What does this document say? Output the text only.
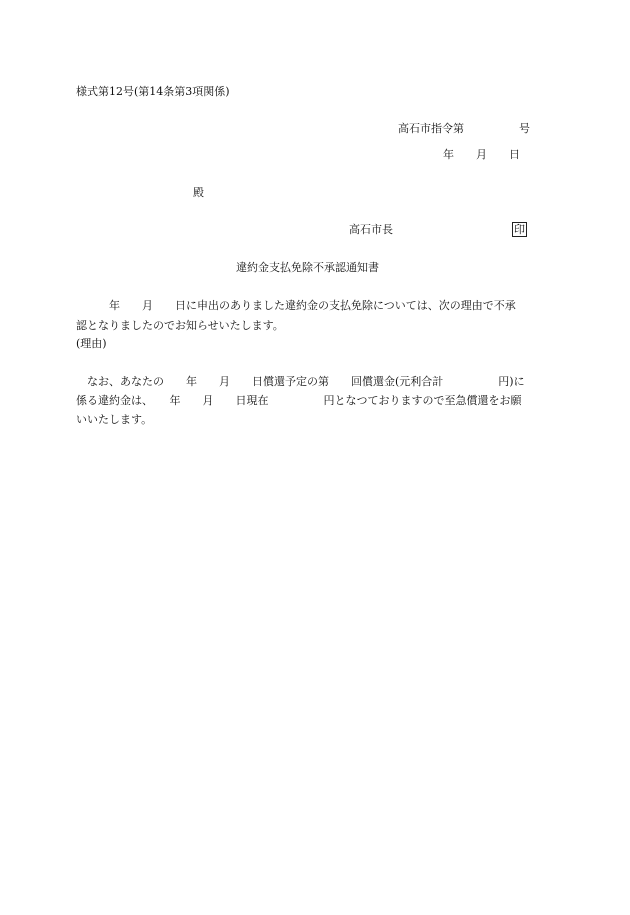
様式第12号(第14条第3項関係)
高石市指令第　　　　　号
年　　月　　日
殿
高石市長	印
違約金支払免除不承認通知書
　　　年　　月　　日に申出のありました違約金の支払免除については、次の理由で不承
認となりましたのでお知らせいたします。
(理由)
　なお、あなたの　　年　　月　　日償還予定の第　　回償還金(元利合計　　　　　円)に
係る違約金は、　　年　　月　　日現在　　　　　円となつておりますので至急償還をお願
いいたします。
